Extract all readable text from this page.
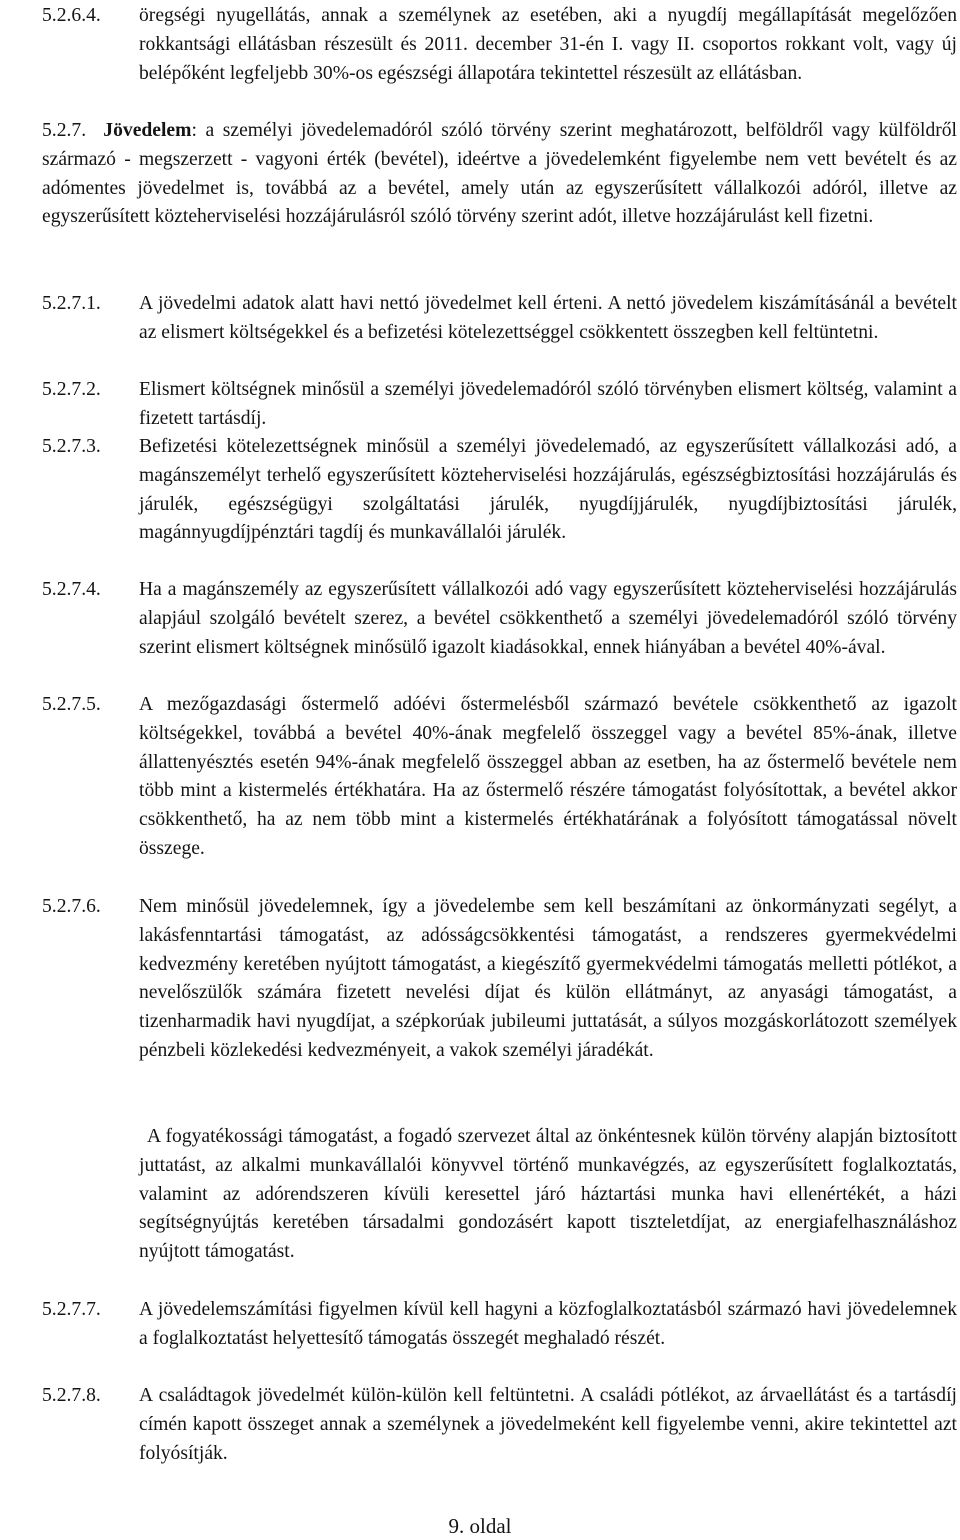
5.2.6.4. öregségi nyugellátás, annak a személynek az esetében, aki a nyugdíj megállapítását megelőzően rokkantsági ellátásban részesült és 2011. december 31-én I. vagy II. csoportos rokkant volt, vagy új belépőként legfeljebb 30%-os egészségi állapotára tekintettel részesült az ellátásban.
5.2.7. Jövedelem: a személyi jövedelemadóról szóló törvény szerint meghatározott, belföldről vagy külföldről származó - megszerzett - vagyoni érték (bevétel), ideértve a jövedelemként figyelembe nem vett bevételt és az adómentes jövedelmet is, továbbá az a bevétel, amely után az egyszerűsített vállalkozói adóról, illetve az egyszerűsített közteherviselési hozzájárulásról szóló törvény szerint adót, illetve hozzájárulást kell fizetni.
5.2.7.1. A jövedelmi adatok alatt havi nettó jövedelmet kell érteni. A nettó jövedelem kiszámításánál a bevételt az elismert költségekkel és a befizetési kötelezettséggel csökkentett összegben kell feltüntetni.
5.2.7.2. Elismert költségnek minősül a személyi jövedelemadóról szóló törvényben elismert költség, valamint a fizetett tartásdíj.
5.2.7.3. Befizetési kötelezettségnek minősül a személyi jövedelemadó, az egyszerűsített vállalkozási adó, a magánszemélyt terhelő egyszerűsített közteherviselési hozzájárulás, egészségbiztosítási hozzájárulás és járulék, egészségügyi szolgáltatási járulék, nyugdíjjárulék, nyugdíjbiztosítási járulék, magánnyugdíjpénztári tagdíj és munkavállalói járulék.
5.2.7.4. Ha a magánszemély az egyszerűsített vállalkozói adó vagy egyszerűsített közteherviselési hozzájárulás alapjául szolgáló bevételt szerez, a bevétel csökkenthető a személyi jövedelemadóról szóló törvény szerint elismert költségnek minősülő igazolt kiadásokkal, ennek hiányában a bevétel 40%-ával.
5.2.7.5. A mezőgazdasági őstermelő adóévi őstermelésből származó bevétele csökkenthető az igazolt költségekkel, továbbá a bevétel 40%-ának megfelelő összeggel vagy a bevétel 85%-ának, illetve állattenyésztés esetén 94%-ának megfelelő összeggel abban az esetben, ha az őstermelő bevétele nem több mint a kistermelés értékhatára. Ha az őstermelő részére támogatást folyósítottak, a bevétel akkor csökkenthető, ha az nem több mint a kistermelés értékhatárának a folyósított támogatással növelt összege.
5.2.7.6. Nem minősül jövedelemnek, így a jövedelembe sem kell beszámítani az önkormányzati segélyt, a lakásfenntartási támogatást, az adósságcsökkentési támogatást, a rendszeres gyermekvédelmi kedvezmény keretében nyújtott támogatást, a kiegészítő gyermekvédelmi támogatás melletti pótlékot, a nevelőszülők számára fizetett nevelési díjat és külön ellátmányt, az anyasági támogatást, a tizenharmadik havi nyugdíjat, a szépkorúak jubileumi juttatását, a súlyos mozgáskorlátozott személyek pénzbeli közlekedési kedvezményeit, a vakok személyi járadékát.
A fogyatékossági támogatást, a fogadó szervezet által az önkéntesnek külön törvény alapján biztosított juttatást, az alkalmi munkavállalói könyvvel történő munkavégzés, az egyszerűsített foglalkoztatás, valamint az adórendszeren kívüli keresettel járó háztartási munka havi ellenértékét, a házi segítségnyújtás keretében társadalmi gondozásért kapott tiszteletdíjat, az energiafelhasználáshoz nyújtott támogatást.
5.2.7.7. A jövedelemszámítási figyelmen kívül kell hagyni a közfoglalkoztatásból származó havi jövedelemnek a foglalkoztatást helyettesítő támogatás összegét meghaladó részét.
5.2.7.8. A családtagok jövedelmét külön-külön kell feltüntetni. A családi pótlékot, az árvaellátást és a tartásdíj címén kapott összeget annak a személynek a jövedelmeként kell figyelembe venni, akire tekintettel azt folyósítják.
9. oldal
